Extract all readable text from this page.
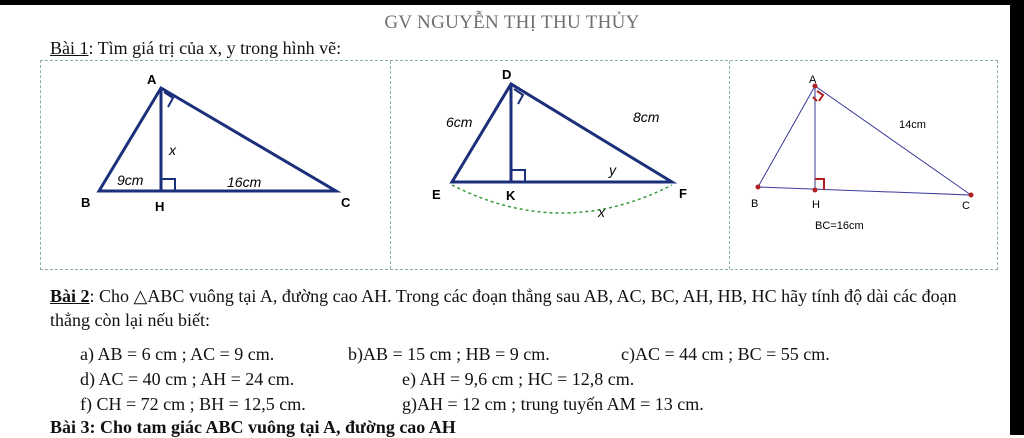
GV NGUYỄN THỊ THU THỦY
Bài 1: Tìm giá trị của x, y trong hình vẽ:
A
B	H	C
x
9cm	16cm
D
E	K	F
6cm	8cm
y
x
A
B	H	C
14cm
BC=16cm
Bài 2: Cho △ABC vuông tại A, đường cao AH. Trong các đoạn thẳng sau AB, AC, BC, AH, HB, HC hãy tính độ dài các đoạn thẳng còn lại nếu biết:
a) AB = 6 cm ; AC = 9 cm.	b)AB = 15 cm ; HB = 9 cm.	c)AC = 44 cm ; BC = 55 cm.
d) AC = 40 cm ; AH = 24 cm.	e) AH = 9,6 cm ; HC = 12,8 cm.
f) CH = 72 cm ; BH = 12,5 cm.	g)AH = 12 cm ; trung tuyến AM = 13 cm.
Bài 3: Cho tam giác ABC vuông tại A, đường cao AH
